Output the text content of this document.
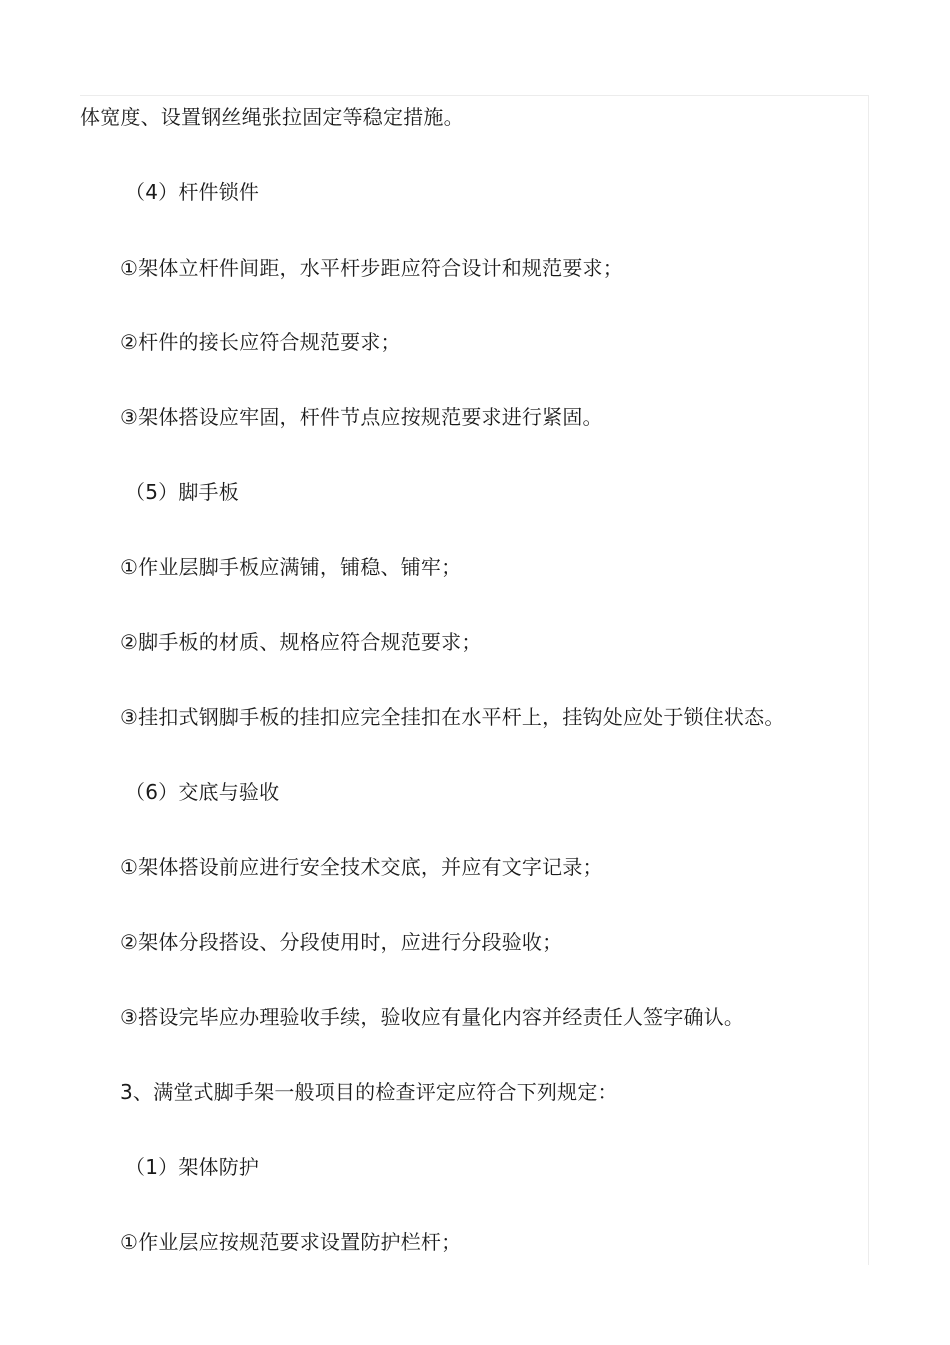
体宽度、设置钢丝绳张拉固定等稳定措施。
（4）杆件锁件
①架体立杆件间距，水平杆步距应符合设计和规范要求；
②杆件的接长应符合规范要求；
③架体搭设应牢固，杆件节点应按规范要求进行紧固。
（5）脚手板
①作业层脚手板应满铺，铺稳、铺牢；
②脚手板的材质、规格应符合规范要求；
③挂扣式钢脚手板的挂扣应完全挂扣在水平杆上，挂钩处应处于锁住状态。
（6）交底与验收
①架体搭设前应进行安全技术交底，并应有文字记录；
②架体分段搭设、分段使用时，应进行分段验收；
③搭设完毕应办理验收手续，验收应有量化内容并经责任人签字确认。
3、满堂式脚手架一般项目的检查评定应符合下列规定：
（1）架体防护
①作业层应按规范要求设置防护栏杆；
